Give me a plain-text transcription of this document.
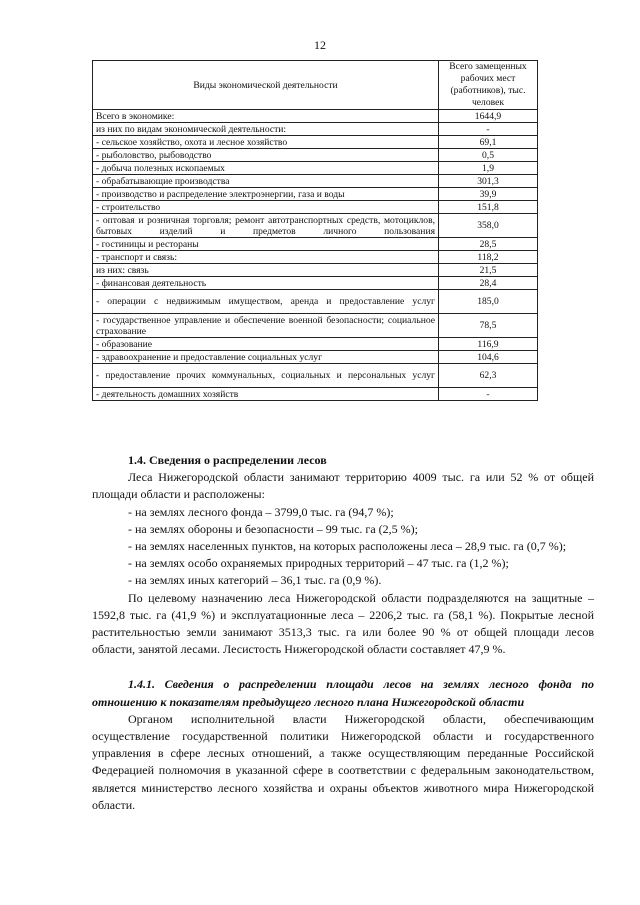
12
Виды экономической деятельности	Всего замещенных рабочих мест (работников), тыс. человек
Всего в экономике:	1644,9
из них по видам экономической деятельности:	-
- сельское хозяйство, охота и лесное хозяйство	69,1
- рыболовство, рыбоводство	0,5
- добыча полезных ископаемых	1,9
- обрабатывающие производства	301,3
- производство и распределение электроэнергии, газа и воды	39,9
- строительство	151,8
- оптовая и розничная торговля; ремонт автотранспортных средств, мотоциклов, бытовых изделий и предметов личного пользования	358,0
- гостиницы и рестораны	28,5
- транспорт и связь:	118,2
из них: связь	21,5
- финансовая деятельность	28,4
- операции с недвижимым имуществом, аренда и предоставление услуг	185,0
- государственное управление и обеспечение военной безопасности; социальное страхование	78,5
- образование	116,9
- здравоохранение и предоставление социальных услуг	104,6
- предоставление прочих коммунальных, социальных и персональных услуг	62,3
- деятельность домашних хозяйств	-

1.4. Сведения о распределении лесов

Леса Нижегородской области занимают территорию 4009 тыс. га или 52 % от общей площади области и расположены:

- на землях лесного фонда – 3799,0 тыс. га (94,7 %);

- на землях обороны и безопасности – 99 тыс. га (2,5 %);

- на землях населенных пунктов, на которых расположены леса – 28,9 тыс. га (0,7 %);

- на землях особо охраняемых природных территорий – 47 тыс. га (1,2 %);

- на землях иных категорий – 36,1 тыс. га (0,9 %).

По целевому назначению леса Нижегородской области подразделяются на защитные – 1592,8 тыс. га (41,9 %) и эксплуатационные леса – 2206,2 тыс. га (58,1 %). Покрытые лесной растительностью земли занимают 3513,3 тыс. га или более 90 % от общей площади лесов области, занятой лесами. Лесистость Нижегородской области составляет 47,9 %.

1.4.1. Сведения о распределении площади лесов на землях лесного фонда по отношению к показателям предыдущего лесного плана Нижегородской области

Органом исполнительной власти Нижегородской области, обеспечивающим осуществление государственной политики Нижегородской области и государственного управления в сфере лесных отношений, а также осуществляющим переданные Российской Федерацией полномочия в указанной сфере в соответствии с федеральным законодательством, является министерство лесного хозяйства и охраны объектов животного мира Нижегородской области.
